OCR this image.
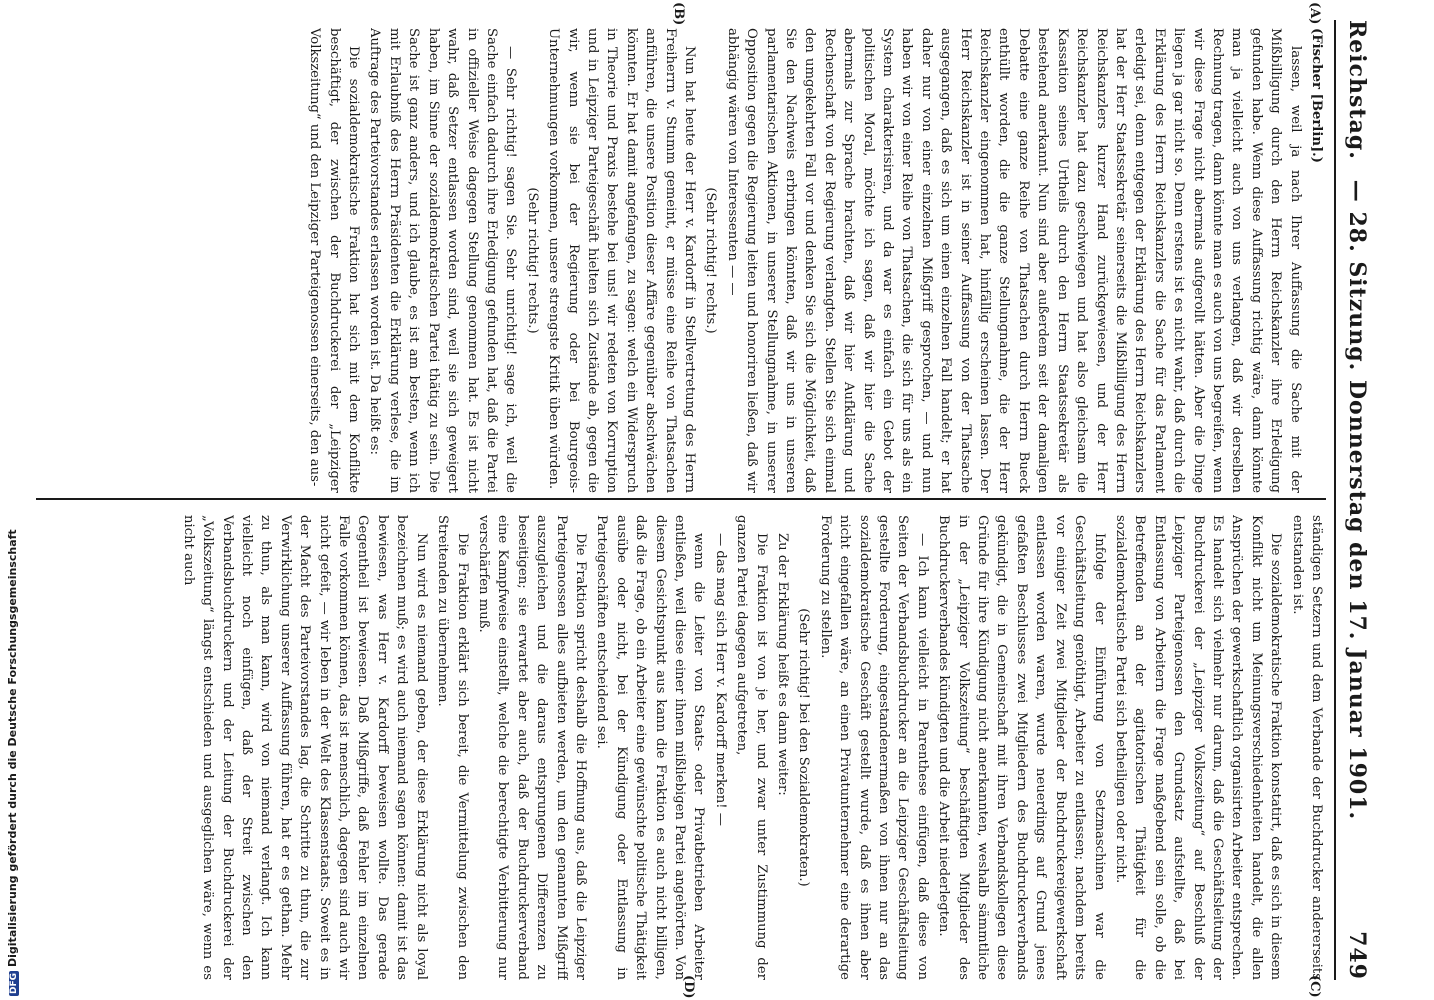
Reichstag.
— 28. Sitzung. Donnerstag den 17. Januar 1901.
749
(A)
(B)
(C)
(D)

(Fischer [Berlin].)

lassen, weil ja nach Ihrer Auffassung die Sache mit der Mißbilligung durch den Herrn Reichskanzler ihre Erledigung gefunden habe. Wenn diese Auffassung richtig wäre, dann könnte man ja vielleicht auch von uns verlangen, daß wir derselben Rechnung tragen, dann könnte man es auch von uns begreifen, wenn wir diese Frage nicht abermals aufgerollt hätten. Aber die Dinge liegen ja gar nicht so. Denn erstens ist es nicht wahr, daß durch die Erklärung des Herrn Reichskanzlers die Sache für das Parlament erledigt sei, denn entgegen der Erklärung des Herrn Reichskanzlers hat der Herr Staatssekretär seinerseits die Mißbilligung des Herrn Reichskanzlers kurzer Hand zurückgewiesen, und der Herr Reichskanzler hat dazu geschwiegen und hat also gleichsam die Kassation seines Urtheils durch den Herrn Staatssekretär als bestehend anerkannt. Nun sind aber außerdem seit der damaligen Debatte eine ganze Reihe von Thatsachen durch Herrn Bueck enthüllt worden, die die ganze Stellungnahme, die der Herr Reichskanzler eingenommen hat, hinfällig erscheinen lassen. Der Herr Reichskanzler ist in seiner Auffassung von der Thatsache ausgegangen, daß es sich um einen einzelnen Fall handelt; er hat daher nur von einer einzelnen Mißgriff gesprochen, — und nun haben wir von einer Reihe von Thatsachen, die sich für uns als ein System charakterisiren, und da war es einfach ein Gebot der politischen Moral, möchte ich sagen, daß wir hier die Sache abermals zur Sprache brachten, daß wir hier Aufklärung und Rechenschaft von der Regierung verlangten. Stellen Sie sich einmal den umgekehrten Fall vor und denken Sie sich die Möglichkeit, daß Sie den Nachweis erbringen könnten, daß wir uns in unseren parlamentarischen Aktionen, in unserer Stellungnahme, in unserer Opposition gegen die Regierung leiten und honoriren ließen, daß wir abhängig wären von Interessenten — —

(Sehr richtig! rechts.)

Nun hat heute der Herr v. Kardorff in Stellvertretung des Herrn Freiherrn v. Stumm gemeint, er müsse eine Reihe von Thatsachen anführen, die unsere Position dieser Affäre gegenüber abschwächen könnten. Er hat damit angefangen, zu sagen: welch ein Widerspruch in Theorie und Praxis bestehe bei uns! wir redeten von Korruption und in Leipziger Parteigeschäft hielten sich Zustände ab, gegen die wir, wenn sie bei der Regierung oder bei Bourgeois-Unternehmungen vorkommen, unsere strengste Kritik üben würden.

(Sehr richtig! rechts.)

— Sehr richtig! sagen Sie. Sehr unrichtig! sage ich, weil die Sache einfach dadurch ihre Erledigung gefunden hat, daß die Partei in offizieller Weise dagegen Stellung genommen hat. Es ist nicht wahr, daß Setzer entlassen worden sind, weil sie sich geweigert haben, im Sinne der sozialdemokratischen Partei thätig zu sein. Die Sache ist ganz anders, und ich glaube, es ist am besten, wenn ich mit Erlaubniß des Herrn Präsidenten die Erklärung verlese, die im Auftrage des Parteivorstandes erlassen worden ist. Da heißt es:

Die sozialdemokratische Fraktion hat sich mit dem Konflikte beschäftigt, der zwischen der Buchdruckerei der „Leipziger Volkszeitung“ und den Leipziger Parteigenossen einerseits, den aus-

ständigen Setzern und dem Verbande der Buchdrucker andererseits entstanden ist.

Die sozialdemokratische Fraktion konstatirt, daß es sich in diesem Konflikt nicht um Meinungsverschiedenheiten handelt, die allen Ansprüchen der gewerkschaftlich organisirten Arbeiter entsprechen. Es handelt sich vielmehr nur darum, daß die Geschäftsleitung der Buchdruckerei der „Leipziger Volkszeitung“ auf Beschluß der Leipziger Parteigenossen den Grundsatz aufstellte, daß bei Entlassung von Arbeitern die Frage maßgebend sein solle, ob die Betreffenden an der agitatorischen Thätigkeit für die sozialdemokratische Partei sich betheiligen oder nicht.

Infolge der Einführung von Setzmaschinen war die Geschäftsleitung genöthigt, Arbeiter zu entlassen; nachdem bereits vor einiger Zeit zwei Mitglieder der Buchdruckereigewerkschaft entlassen worden waren, wurde neuerdings auf Grund jenes gefaßten Beschlusses zwei Mitgliedern des Buchdruckerverbands gekündigt, die in Gemeinschaft mit ihren Verbandskollegen diese Gründe für ihre Kündigung nicht anerkannten, weshalb sämmtliche in der „Leipziger Volkszeitung“ beschäftigten Mitglieder des Buchdruckerverbandes kündigten und die Arbeit niederlegten.

— Ich kann vielleicht in Parenthese einfügen, daß diese von Seiten der Verbandsbuchdrucker an die Leipziger Geschäftsleitung gestellte Forderung, eingestandenermaßen von ihnen nur an das sozialdemokratische Geschäft gestellt wurde, daß es ihnen aber nicht eingefallen wäre, an einen Privatunternehmer eine derartige Forderung zu stellen.

(Sehr richtig! bei den Sozialdemokraten.)

Zu der Erklärung heißt es dann weiter:

Die Fraktion ist von je her, und zwar unter Zustimmung der ganzen Partei dagegen aufgetreten,

— das mag sich Herr v. Kardorff merken! —

wenn die Leiter von Staats- oder Privatbetrieben Arbeiter entließen, weil diese einer ihnen mißliebigen Partei angehörten. Von diesem Gesichtspunkt aus kann die Fraktion es auch nicht billigen, daß die Frage, ob ein Arbeiter eine gewünschte politische Thätigkeit ausübe oder nicht, bei der Kündigung oder Entlassung in Parteigeschäften entscheidend sei.

Die Fraktion spricht deshalb die Hoffnung aus, daß die Leipziger Parteigenossen alles aufbieten werden, um den genannten Mißgriff auszugleichen und die daraus entsprungenen Differenzen zu beseitigen; sie erwartet aber auch, daß der Buchdruckerverband eine Kampfweise einstellt, welche die berechtigte Verbitterung nur verschärfen muß.

Die Fraktion erklärt sich bereit, die Vermittelung zwischen den Streitenden zu übernehmen.

Nun wird es niemand geben, der diese Erklärung nicht als loyal bezeichnen muß; es wird auch niemand sagen können: damit ist das bewiesen, was Herr v. Kardorff beweisen wollte. Das gerade Gegentheil ist bewiesen. Daß Mißgriffe, daß Fehler im einzelnen Falle vorkommen können, das ist menschlich, dagegen sind auch wir nicht gefeit, — wir leben in der Welt des Klassenstaats. Soweit es in der Macht des Parteivorstandes lag, die Schritte zu thun, die zur Verwirklichung unserer Auffassung führen, hat er es gethan. Mehr zu thun, als man kann, wird von niemand verlangt. Ich kann vielleicht noch einfügen, daß der Streit zwischen den Verbandsbuchdruckern und der Leitung der Buchdruckerei der „Volkszeitung“ längst entschieden und ausgeglichen wäre, wenn es nicht auch

DFGDigitalisierung gefördert durch die Deutsche Forschungsgemeinschaft
